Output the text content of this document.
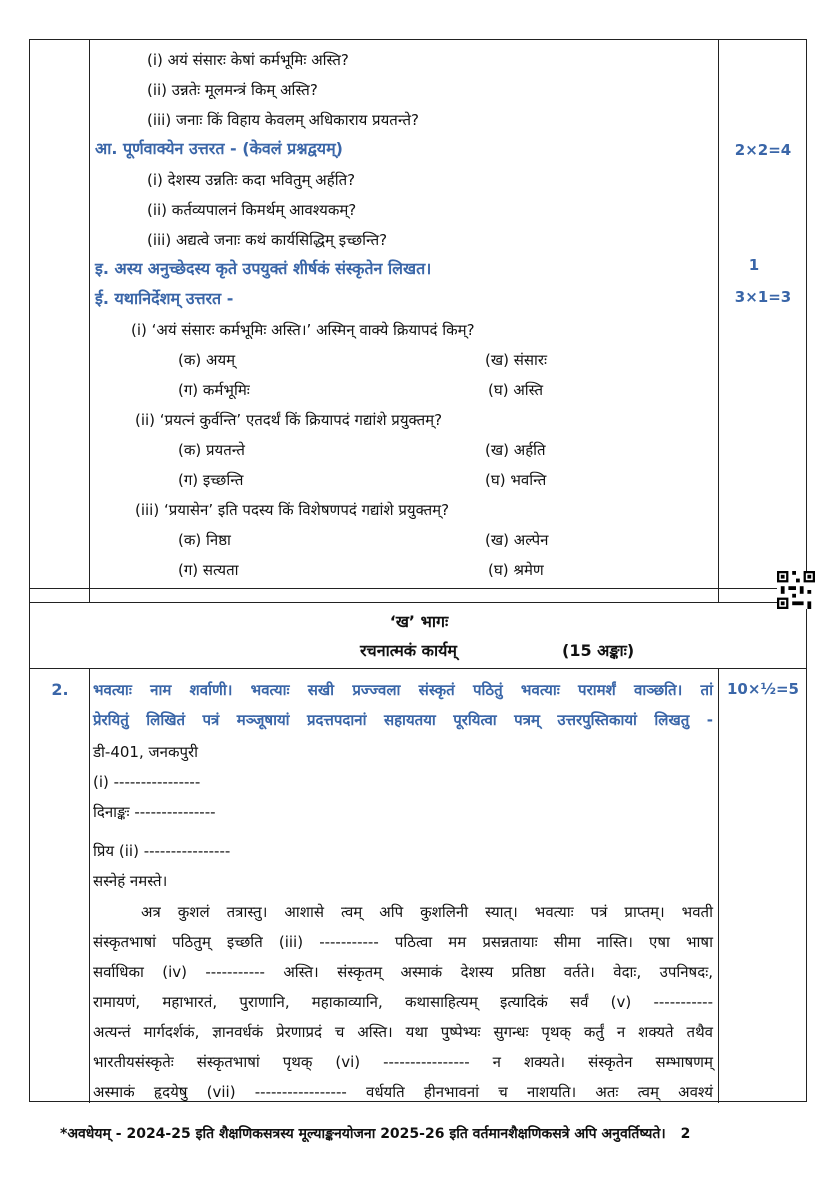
(i) अयं संसारः केषां कर्मभूमिः अस्ति?
(ii) उन्नतेः मूलमन्त्रं किम् अस्ति?
(iii) जनाः किं विहाय केवलम् अधिकाराय प्रयतन्ते?
आ. पूर्णवाक्येन उत्तरत - (केवलं प्रश्नद्वयम्)	2×2=4
(i) देशस्य उन्नतिः कदा भवितुम् अर्हति?
(ii) कर्तव्यपालनं किमर्थम् आवश्यकम्?
(iii) अद्यत्वे जनाः कथं कार्यसिद्धिम् इच्छन्ति?
इ. अस्य अनुच्छेदस्य कृते उपयुक्तं शीर्षकं संस्कृतेन लिखत।	1
ई. यथानिर्देशम् उत्तरत -	3×1=3
(i) ‘अयं संसारः कर्मभूमिः अस्ति।’ अस्मिन् वाक्ये क्रियापदं किम्?
(क) अयम्	(ख) संसारः
(ग) कर्मभूमिः	(घ) अस्ति
(ii) ‘प्रयत्नं कुर्वन्ति’ एतदर्थं किं क्रियापदं गद्यांशे प्रयुक्तम्?
(क) प्रयतन्ते	(ख) अर्हति
(ग) इच्छन्ति	(घ) भवन्ति
(iii) ‘प्रयासेन’ इति पदस्य किं विशेषणपदं गद्यांशे प्रयुक्तम्?
(क) निष्ठा	(ख) अल्पेन
(ग) सत्यता	(घ) श्रमेण
‘ख’ भागः
रचनात्मकं कार्यम्	(15 अङ्काः)
2.	10×½=5
भवत्याः नाम शर्वाणी। भवत्याः सखी प्रज्ज्वला संस्कृतं पठितुं भवत्याः परामर्शं वाञ्छति। तां
प्रेरयितुं लिखितं पत्रं मञ्जूषायां प्रदत्तपदानां सहायतया पूरयित्वा पत्रम् उत्तरपुस्तिकायां लिखतु -
डी-401, जनकपुरी
(i) ----------------
दिनाङ्कः ---------------
प्रिय (ii) ----------------
सस्नेहं नमस्ते।
अत्र कुशलं तत्रास्तु। आशासे त्वम् अपि कुशलिनी स्यात्। भवत्याः पत्रं प्राप्तम्। भवती
संस्कृतभाषां पठितुम् इच्छति (iii) ----------- पठित्वा मम प्रसन्नतायाः सीमा नास्ति। एषा भाषा
सर्वाधिका (iv) ----------- अस्ति। संस्कृतम् अस्माकं देशस्य प्रतिष्ठा वर्तते। वेदाः, उपनिषदः,
रामायणं, महाभारतं, पुराणानि, महाकाव्यानि, कथासाहित्यम् इत्यादिकं सर्वं (v) -----------
अत्यन्तं मार्गदर्शकं, ज्ञानवर्धकं प्रेरणाप्रदं च अस्ति। यथा पुष्पेभ्यः सुगन्धः पृथक् कर्तुं न शक्यते तथैव
भारतीयसंस्कृतेः संस्कृतभाषां पृथक् (vi) ---------------- न शक्यते। संस्कृतेन सम्भाषणम्
अस्माकं हृदयेषु (vii) ----------------- वर्धयति हीनभावनां च नाशयति। अतः त्वम् अवश्यं
*अवधेयम् - 2024-25 इति शैक्षणिकसत्रस्य मूल्याङ्कनयोजना 2025-26 इति वर्तमानशैक्षणिकसत्रे अपि अनुवर्तिष्यते। 2
